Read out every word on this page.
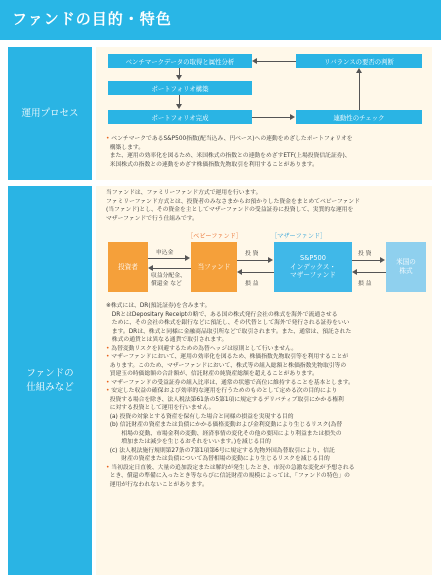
ファンドの目的・特色
運用プロセス
ベンチマークデータの取得と属性分析	リバランスの要否の判断
ポートフォリオ構築
ポートフォリオ完成	連動性のチェック

• ベンチマークであるS&P500指数(配当込み、円ベース)への連動をめざしたポートフォリオを

構築します。

また、運用の効率化を図るため、米国株式の指数との連動をめざすETF(上場投資信託証券)、

米国株式の指数との連動をめざす株価指数先物取引を利用することがあります。

ファンドの
仕組みなど

当ファンドは、ファミリーファンド方式で運用を行います。

ファミリーファンド方式とは、投資者のみなさまからお預かりした資金をまとめてベビーファンド

(当ファンド)とし、その資金を主としてマザーファンドの受益証券に投資して、実質的な運用を

マザーファンドで行う仕組みです。

［ベビーファンド］	［マザーファンド］
投資者	当ファンド
S&P500
インデックス・
マザーファンド
米国の
株式
申込金
収益分配金、
償還金 など
投 資
損 益
投 資
損 益

※株式には、DR(預託証券)を含みます。

　DRとはDepositary Receiptの略で、ある国の株式発行会社の株式を海外で流通させる

　ために、その会社の株式を銀行などに預託し、その代替として海外で発行される証券をいい

　ます。DRは、株式と同様に金融商品取引所などで取引されます。また、通常は、預託された

　株式の通貨とは異なる通貨で取引されます。

• 為替変動リスクを回避するための為替ヘッジは原則として行いません。

• マザーファンドにおいて、運用の効率化を図るため、株価指数先物取引等を利用することが

あります。このため、マザーファンドにおいて、株式等の組入総額と株価指数先物取引等の

買建玉の時価総額の合計額が、信託財産の純資産総額を超えることがあります。

• マザーファンドの受益証券の組入比率は、通常の状態で高位に維持することを基本とします。

• 安定した収益の確保および効率的な運用を行うためのものとして定める次の目的により

投資する場合を除き、法人税法第61条の5第1項に規定するデリバティブ取引にかかる権利

に対する投資として運用を行いません。

(a) 投資の対象とする資産を保有した場合と同様の損益を実現する目的

(b) 信託財産の資産または負債にかかる価格変動および金利変動により生じるリスク(為替

　　相場の変動、市場金利の変動、経済事情の変化その他の要因により利益または損失の

　　増加または減少を生じるおそれをいいます。)を減じる目的

(c) 法人税法施行規則第27条の7第1項第6号に規定する先物外国為替取引により、信託

　　財産の資産または負債について為替相場の変動により生じるリスクを減じる目的

• 当初設定日直後、大量の追加設定または解約が発生したとき、市況の急激な変化が予想される

とき、償還の準備に入ったとき等ならびに信託財産の規模によっては、「ファンドの特色」の

運用が行なわれないことがあります。
